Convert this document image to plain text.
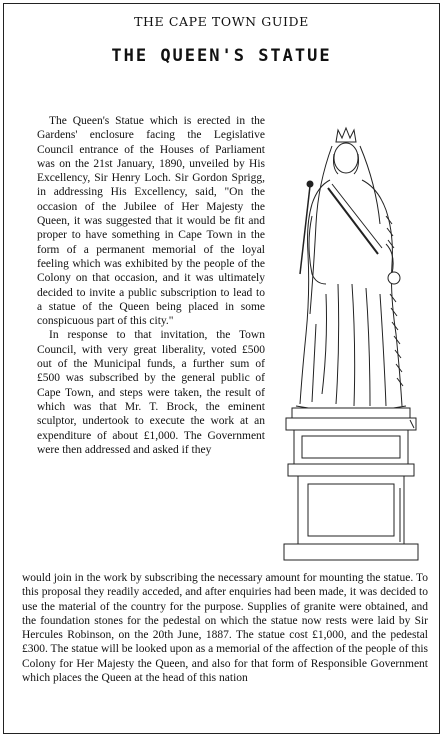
THE CAPE TOWN GUIDE
THE QUEEN'S STATUE

The Queen's Statue which is erected in the Gardens' enclosure facing the Legislative Council entrance of the Houses of Parliament was on the 21st January, 1890, unveiled by His Excellency, Sir Henry Loch. Sir Gordon Sprigg, in addressing His Excellency, said, "On the occasion of the Jubilee of Her Majesty the Queen, it was suggested that it would be fit and proper to have something in Cape Town in the form of a permanent memorial of the loyal feeling which was exhibited by the people of the Colony on that occasion, and it was ultimately decided to invite a public subscription to lead to a statue of the Queen being placed in some conspicuous part of this city."

In response to that invitation, the Town Council, with very great liberality, voted £500 out of the Municipal funds, a further sum of £500 was subscribed by the general public of Cape Town, and steps were taken, the result of which was that Mr. T. Brock, the eminent sculptor, undertook to execute the work at an expenditure of about £1,000. The Government were then addressed and asked if they

would join in the work by subscribing the necessary amount for mounting the statue. To this proposal they readily acceded, and after enquiries had been made, it was decided to use the material of the country for the purpose. Supplies of granite were obtained, and the foundation stones for the pedestal on which the statue now rests were laid by Sir Hercules Robinson, on the 20th June, 1887. The statue cost £1,000, and the pedestal £300. The statue will be looked upon as a memorial of the affection of the people of this Colony for Her Majesty the Queen, and also for that form of Responsible Government which places the Queen at the head of this nation
